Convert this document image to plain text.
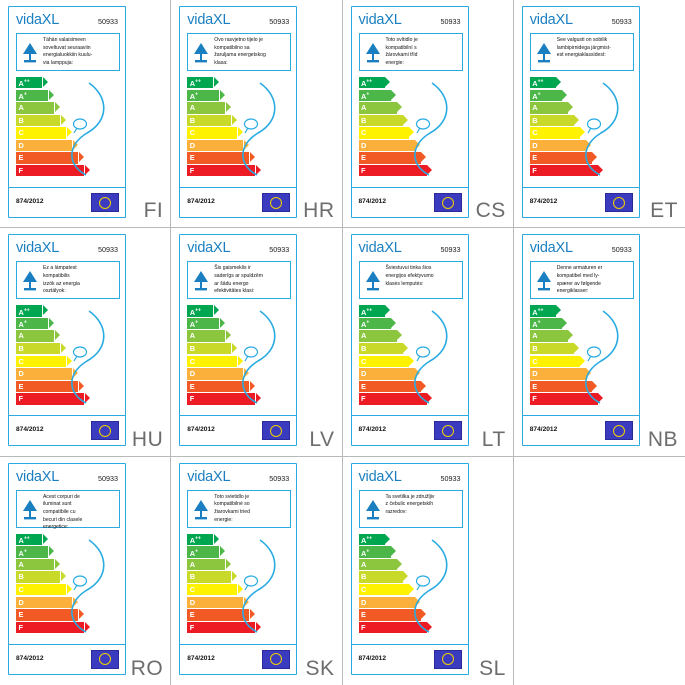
vidaXL	50933
Tähän valaisimeen
soveltuvat seuraaviin
energialuokkiin kuulu-
via lamppuja:
A++
A+
A
B
C
D
E
F
874/2012	FI
vidaXL	50933
Ovo rasvjetno tijelo je
kompatibilno sa
žaruljama energetskog
klasa:
A++
A+
A
B
C
D
E
F
874/2012	HR
vidaXL	50933
Toto svítidlo je
kompatibilní s
žárovkami tříd
energie:
A++
A+
A
B
C
D
E
F
874/2012	CS
vidaXL	50933
See valgusti on sobilik
lambipirnidega järgmist-
est energiaklassidest:
A++
A+
A
B
C
D
E
F
874/2012	ET
vidaXL	50933
Ez a lámpatest
kompatibilis
izzók az energia
osztályok:
A++
A+
A
B
C
D
E
F
874/2012	HU
vidaXL	50933
Šis gaismeklis ir
saderīgs ar spuldzēm
ar šādu energo
efektivitātes klasi:
A++
A+
A
B
C
D
E
F
874/2012	LV
vidaXL	50933
Šviestuvui tinka šios
energijos efektyvumo
klasės lemputės:
A++
A+
A
B
C
D
E
F
874/2012	LT
vidaXL	50933
Denne armaturen er
kompatibel med ly-
spærer av følgende
energiklasser:
A++
A+
A
B
C
D
E
F
874/2012	NB
vidaXL	50933
Acest corpuri de
iluminat sunt
compatibile cu
becuri din clasele
energetice:
A++
A+
A
B
C
D
E
F
874/2012	RO
vidaXL	50933
Toto svietidlo je
kompatibilné so
žiarovkami tried
energie:
A++
A+
A
B
C
D
E
F
874/2012	SK
vidaXL	50933
Ta svetilka je združljiv
z čebulic energetskih
razredov:
A++
A+
A
B
C
D
E
F
874/2012	SL
